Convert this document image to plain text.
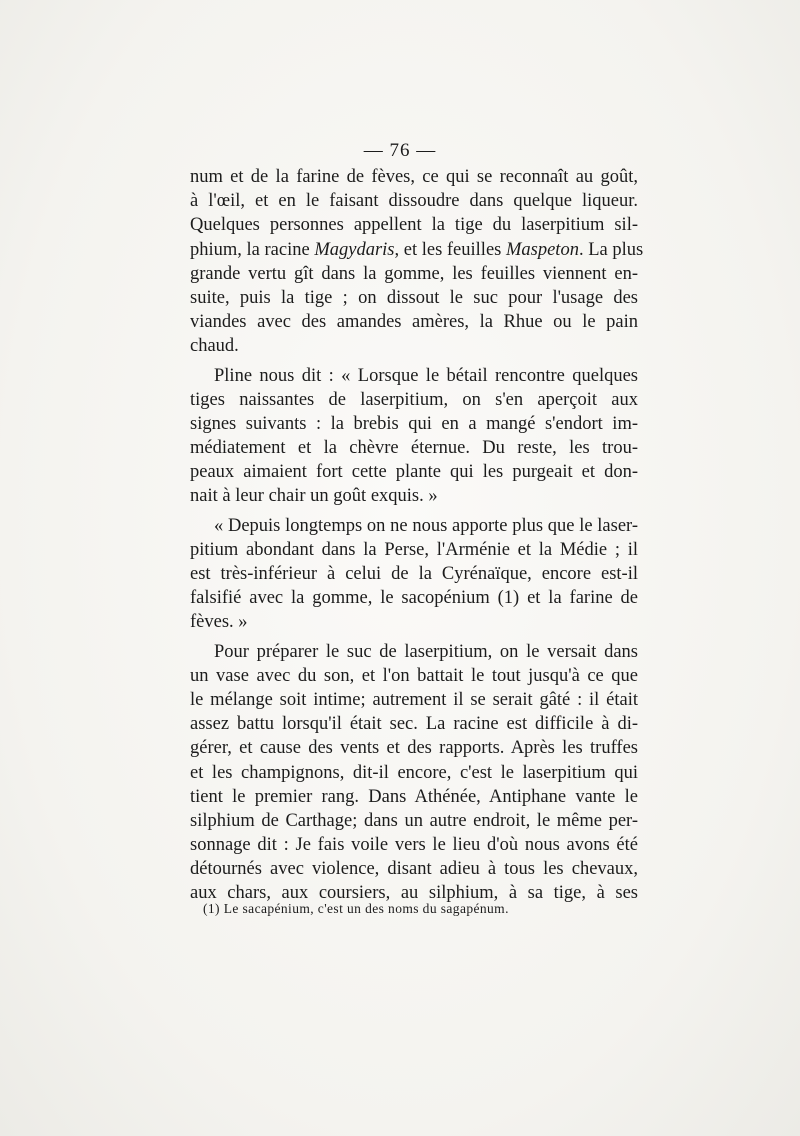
— 76 —
num et de la farine de fèves, ce qui se reconnaît au goût,
à l'œil, et en le faisant dissoudre dans quelque liqueur.
Quelques personnes appellent la tige du laserpitium sil-
phium, la racine Magydaris, et les feuilles Maspeton. La plus
grande vertu gît dans la gomme, les feuilles viennent en-
suite, puis la tige ; on dissout le suc pour l'usage des
viandes avec des amandes amères, la Rhue ou le pain
chaud.
Pline nous dit : « Lorsque le bétail rencontre quelques
tiges naissantes de laserpitium, on s'en aperçoit aux
signes suivants : la brebis qui en a mangé s'endort im-
médiatement et la chèvre éternue. Du reste, les trou-
peaux aimaient fort cette plante qui les purgeait et don-
nait à leur chair un goût exquis. »
« Depuis longtemps on ne nous apporte plus que le laser-
pitium abondant dans la Perse, l'Arménie et la Médie ; il
est très-inférieur à celui de la Cyrénaïque, encore est-il
falsifié avec la gomme, le sacopénium (1) et la farine de
fèves. »
Pour préparer le suc de laserpitium, on le versait dans
un vase avec du son, et l'on battait le tout jusqu'à ce que
le mélange soit intime; autrement il se serait gâté : il était
assez battu lorsqu'il était sec. La racine est difficile à di-
gérer, et cause des vents et des rapports. Après les truffes
et les champignons, dit-il encore, c'est le laserpitium qui
tient le premier rang. Dans Athénée, Antiphane vante le
silphium de Carthage; dans un autre endroit, le même per-
sonnage dit : Je fais voile vers le lieu d'où nous avons été
détournés avec violence, disant adieu à tous les chevaux,
aux chars, aux coursiers, au silphium, à sa tige, à ses
(1) Le sacapénium, c'est un des noms du sagapénum.
